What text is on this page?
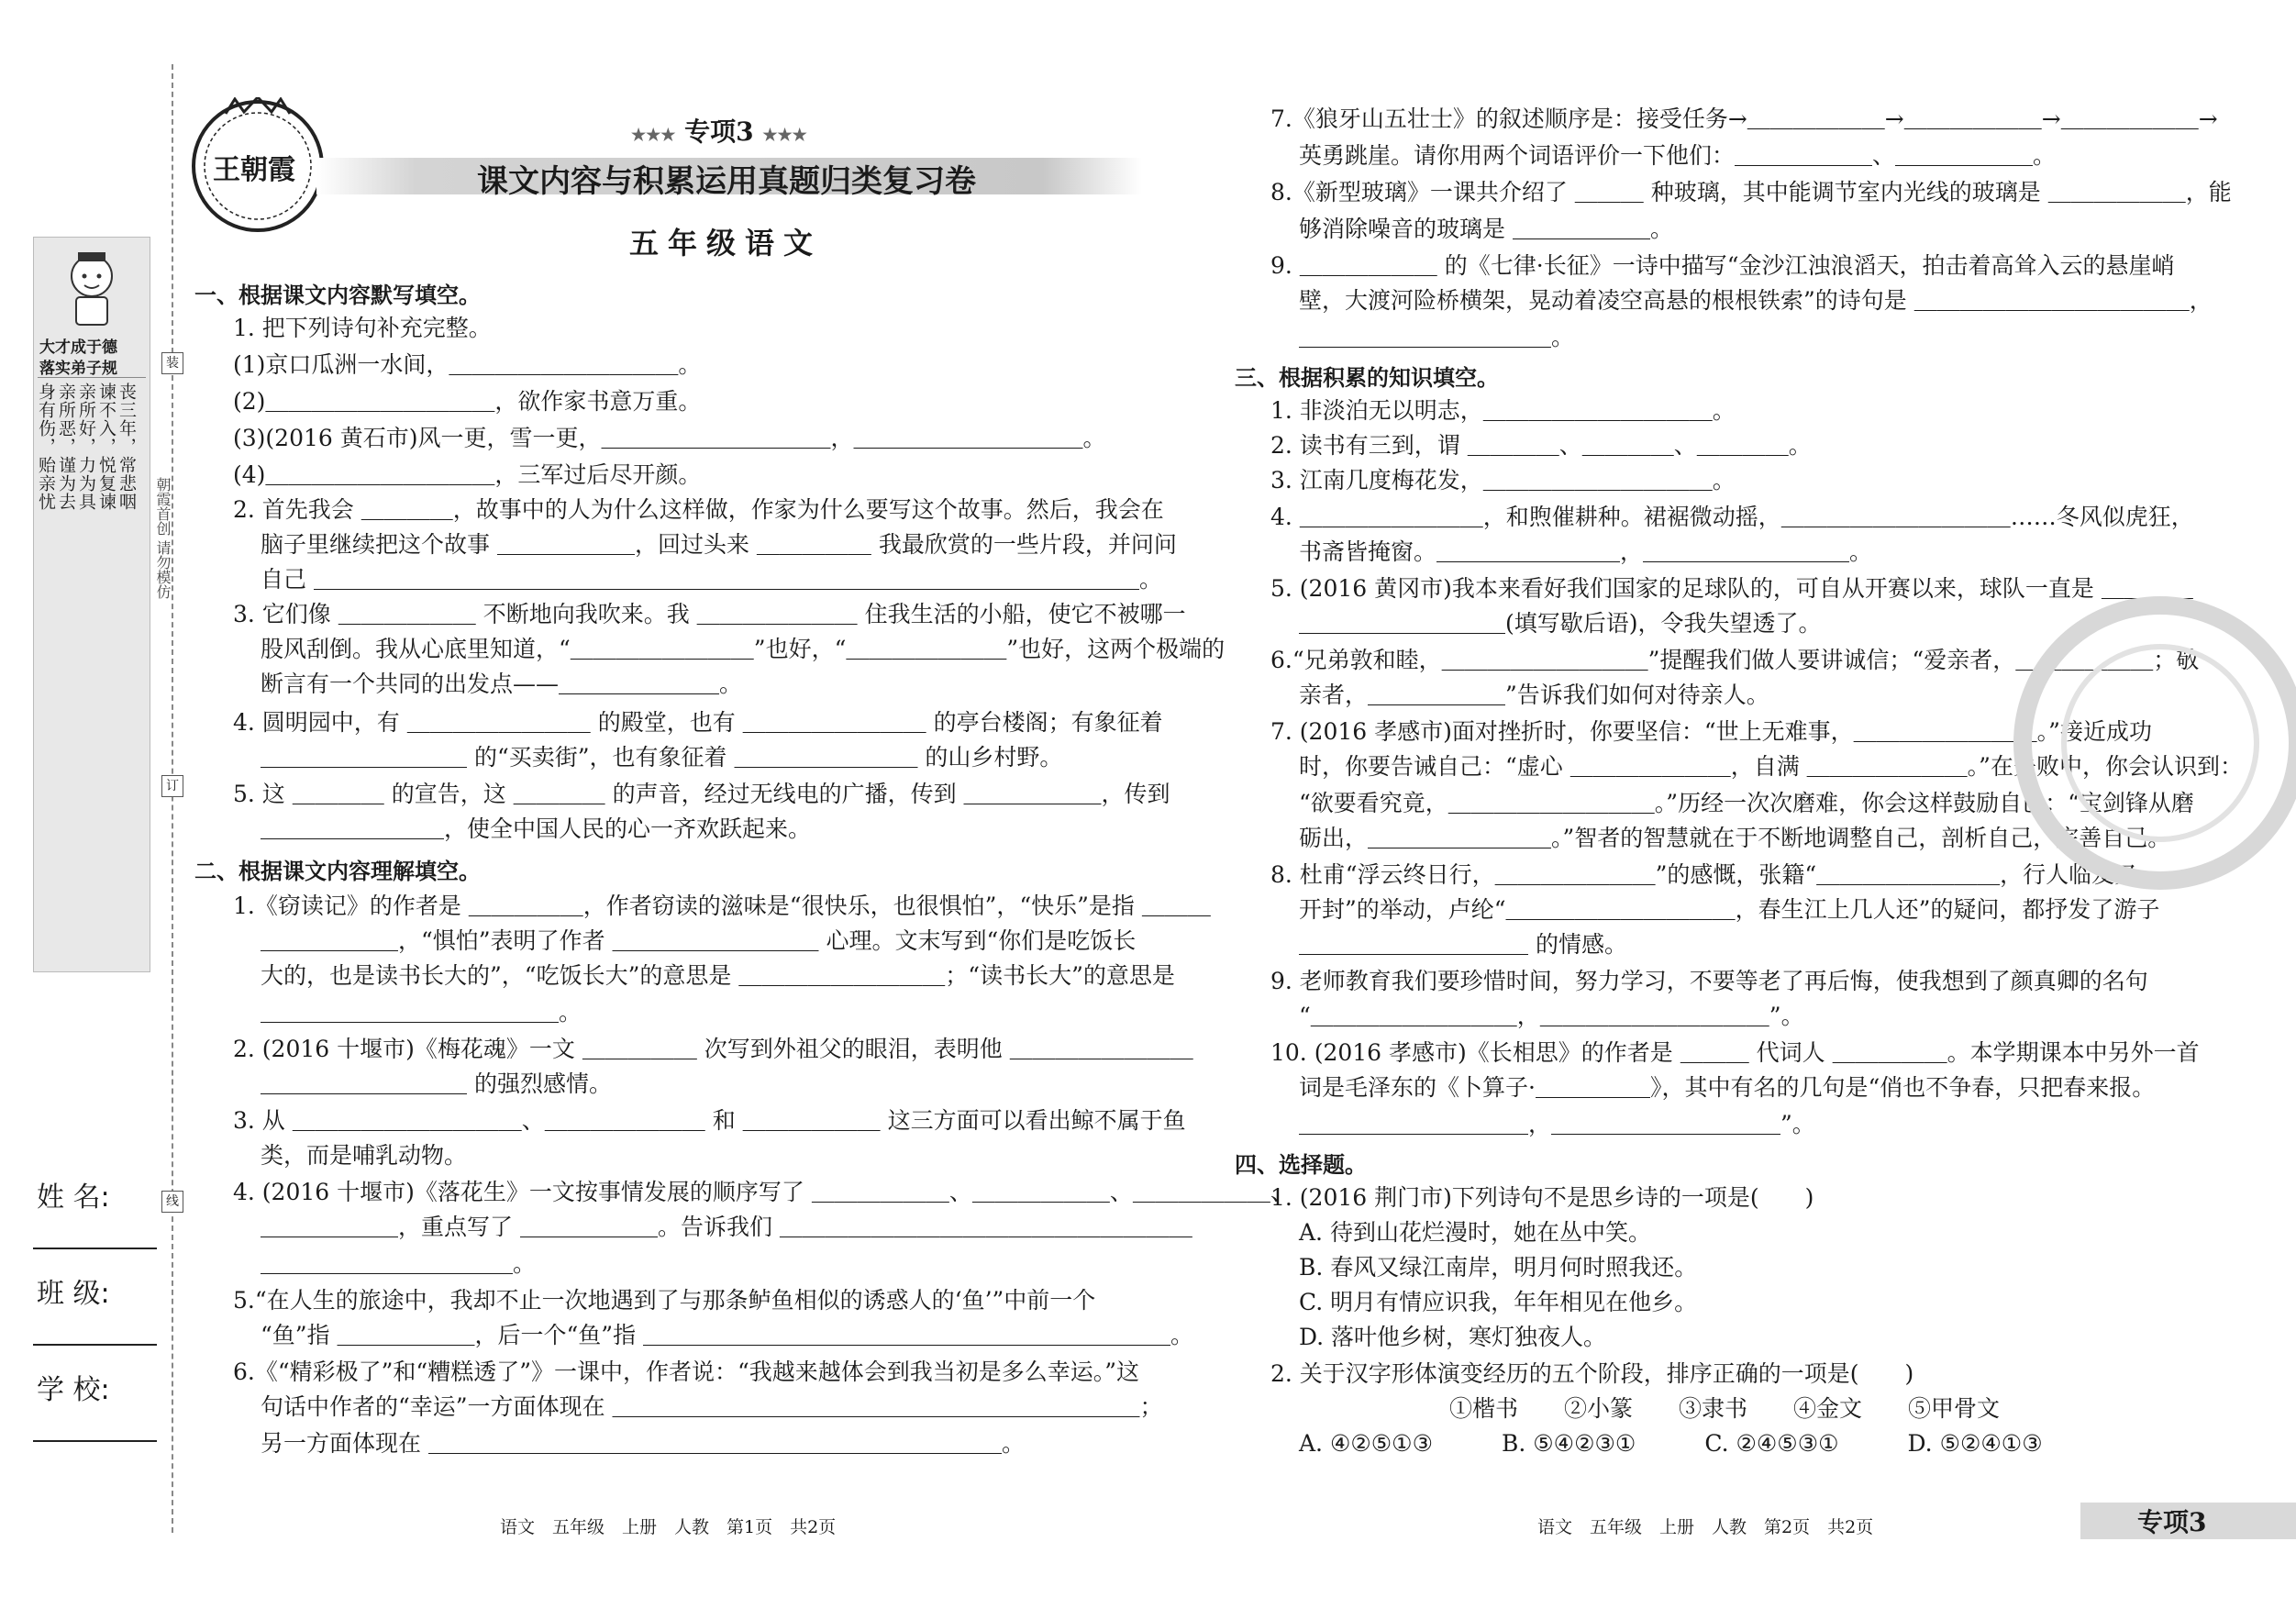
装
订
线
朝霞首创 请勿模仿
大才成于德
落实弟子规
丧三年，常悲咽
谏不入，悦复谏
亲所好，力为具
亲所恶，谨为去
身有伤，贻亲忧
姓 名:
班 级:
学 校:
王朝霞
★★★ 专项3 ★★★
课文内容与积累运用真题归类复习卷
五年级语文
一、根据课文内容默写填空。
1. 把下列诗句补充完整。
(1)京口瓜洲一水间，＿＿＿＿＿＿＿＿＿＿。
(2)＿＿＿＿＿＿＿＿＿＿，欲作家书意万重。
(3)(2016 黄石市)风一更，雪一更，＿＿＿＿＿＿＿＿＿＿，＿＿＿＿＿＿＿＿＿＿。
(4)＿＿＿＿＿＿＿＿＿＿，三军过后尽开颜。
2. 首先我会 ＿＿＿＿，故事中的人为什么这样做，作家为什么要写这个故事。然后，我会在
脑子里继续把这个故事 ＿＿＿＿＿＿，回过头来 ＿＿＿＿＿ 我最欣赏的一些片段，并问问
自己 ＿＿＿＿＿＿＿＿＿＿＿＿＿＿＿＿＿＿＿＿＿＿＿＿＿＿＿＿＿＿＿＿＿＿＿＿。
3. 它们像 ＿＿＿＿＿＿ 不断地向我吹来。我 ＿＿＿＿＿＿＿ 住我生活的小船，使它不被哪一
股风刮倒。我从心底里知道，“＿＿＿＿＿＿＿＿”也好，“＿＿＿＿＿＿＿”也好，这两个极端的
断言有一个共同的出发点——＿＿＿＿＿＿＿。
4. 圆明园中，有 ＿＿＿＿＿＿＿＿ 的殿堂，也有 ＿＿＿＿＿＿＿＿ 的亭台楼阁；有象征着
＿＿＿＿＿＿＿＿＿ 的“买卖街”，也有象征着 ＿＿＿＿＿＿＿＿ 的山乡村野。
5. 这 ＿＿＿＿ 的宣告，这 ＿＿＿＿ 的声音，经过无线电的广播，传到 ＿＿＿＿＿＿，传到
＿＿＿＿＿＿＿＿，使全中国人民的心一齐欢跃起来。
二、根据课文内容理解填空。
1.《窃读记》的作者是 ＿＿＿＿＿，作者窃读的滋味是“很快乐，也很惧怕”，“快乐”是指 ＿＿＿
＿＿＿＿＿＿，“惧怕”表明了作者 ＿＿＿＿＿＿＿＿＿ 心理。文末写到“你们是吃饭长
大的，也是读书长大的”，“吃饭长大”的意思是 ＿＿＿＿＿＿＿＿＿；“读书长大”的意思是
＿＿＿＿＿＿＿＿＿＿＿＿＿。
2. (2016 十堰市)《梅花魂》一文 ＿＿＿＿＿ 次写到外祖父的眼泪，表明他 ＿＿＿＿＿＿＿＿
＿＿＿＿＿＿＿＿＿ 的强烈感情。
3. 从 ＿＿＿＿＿＿＿＿＿＿、＿＿＿＿＿＿＿ 和 ＿＿＿＿＿＿ 这三方面可以看出鲸不属于鱼
类，而是哺乳动物。
4. (2016 十堰市)《落花生》一文按事情发展的顺序写了 ＿＿＿＿＿＿、＿＿＿＿＿＿、＿＿＿＿＿＿、
＿＿＿＿＿＿，重点写了 ＿＿＿＿＿＿。告诉我们 ＿＿＿＿＿＿＿＿＿＿＿＿＿＿＿＿＿＿
＿＿＿＿＿＿＿＿＿＿＿。
5.“在人生的旅途中，我却不止一次地遇到了与那条鲈鱼相似的诱惑人的‘鱼’”中前一个
“鱼”指 ＿＿＿＿＿＿，后一个“鱼”指 ＿＿＿＿＿＿＿＿＿＿＿＿＿＿＿＿＿＿＿＿＿＿＿。
6.《“精彩极了”和“糟糕透了”》一课中，作者说：“我越来越体会到我当初是多么幸运。”这
句话中作者的“幸运”一方面体现在 ＿＿＿＿＿＿＿＿＿＿＿＿＿＿＿＿＿＿＿＿＿＿＿；
另一方面体现在 ＿＿＿＿＿＿＿＿＿＿＿＿＿＿＿＿＿＿＿＿＿＿＿＿＿。
语文　五年级　上册　人教　第1页　共2页
7.《狼牙山五壮士》的叙述顺序是：接受任务→＿＿＿＿＿＿→＿＿＿＿＿＿→＿＿＿＿＿＿→
英勇跳崖。请你用两个词语评价一下他们：＿＿＿＿＿＿、＿＿＿＿＿＿。
8.《新型玻璃》一课共介绍了 ＿＿＿ 种玻璃，其中能调节室内光线的玻璃是 ＿＿＿＿＿＿，能
够消除噪音的玻璃是 ＿＿＿＿＿＿。
9. ＿＿＿＿＿＿ 的《七律·长征》一诗中描写“金沙江浊浪滔天，拍击着高耸入云的悬崖峭
壁，大渡河险桥横架，晃动着凌空高悬的根根铁索”的诗句是 ＿＿＿＿＿＿＿＿＿＿＿＿，
＿＿＿＿＿＿＿＿＿＿＿。
三、根据积累的知识填空。
1. 非淡泊无以明志，＿＿＿＿＿＿＿＿＿＿。
2. 读书有三到，谓 ＿＿＿＿、＿＿＿＿、＿＿＿＿。
3. 江南几度梅花发，＿＿＿＿＿＿＿＿＿＿。
4. ＿＿＿＿＿＿＿＿，和煦催耕种。裙裾微动摇，＿＿＿＿＿＿＿＿＿＿……冬风似虎狂，
书斋皆掩窗。＿＿＿＿＿＿＿＿，＿＿＿＿＿＿＿＿＿。
5. (2016 黄冈市)我本来看好我们国家的足球队的，可自从开赛以来，球队一直是 ＿＿＿＿
＿＿＿＿＿＿＿＿＿(填写歇后语)，令我失望透了。
6.“兄弟敦和睦，＿＿＿＿＿＿＿＿＿”提醒我们做人要讲诚信；“爱亲者，＿＿＿＿＿＿；敬
亲者，＿＿＿＿＿＿”告诉我们如何对待亲人。
7. (2016 孝感市)面对挫折时，你要坚信：“世上无难事，＿＿＿＿＿＿＿＿。”接近成功
时，你要告诫自己：“虚心 ＿＿＿＿＿＿＿，自满 ＿＿＿＿＿＿＿。”在失败中，你会认识到：
“欲要看究竟，＿＿＿＿＿＿＿＿＿。”历经一次次磨难，你会这样鼓励自己：“宝剑锋从磨
砺出，＿＿＿＿＿＿＿＿。”智者的智慧就在于不断地调整自己，剖析自己，完善自己。
8. 杜甫“浮云终日行，＿＿＿＿＿＿＿”的感慨，张籍“＿＿＿＿＿＿＿＿，行人临发又
开封”的举动，卢纶“＿＿＿＿＿＿＿＿＿＿，春生江上几人还”的疑问，都抒发了游子
＿＿＿＿＿＿＿＿＿＿ 的情感。
9. 老师教育我们要珍惜时间，努力学习，不要等老了再后悔，使我想到了颜真卿的名句
“＿＿＿＿＿＿＿＿＿，＿＿＿＿＿＿＿＿＿＿”。
10. (2016 孝感市)《长相思》的作者是 ＿＿＿ 代词人 ＿＿＿＿＿。本学期课本中另外一首
词是毛泽东的《卜算子·＿＿＿＿＿》，其中有名的几句是“俏也不争春，只把春来报。
＿＿＿＿＿＿＿＿＿＿，＿＿＿＿＿＿＿＿＿＿”。
四、选择题。
1. (2016 荆门市)下列诗句不是思乡诗的一项是(　　)
A. 待到山花烂漫时，她在丛中笑。
B. 春风又绿江南岸，明月何时照我还。
C. 明月有情应识我，年年相见在他乡。
D. 落叶他乡树，寒灯独夜人。
2. 关于汉字形体演变经历的五个阶段，排序正确的一项是(　　)
①楷书　　②小篆　　③隶书　　④金文　　⑤甲骨文
A. ④②⑤①③　　　B. ⑤④②③①　　　C. ②④⑤③①　　　D. ⑤②④①③
语文　五年级　上册　人教　第2页　共2页	专项3
